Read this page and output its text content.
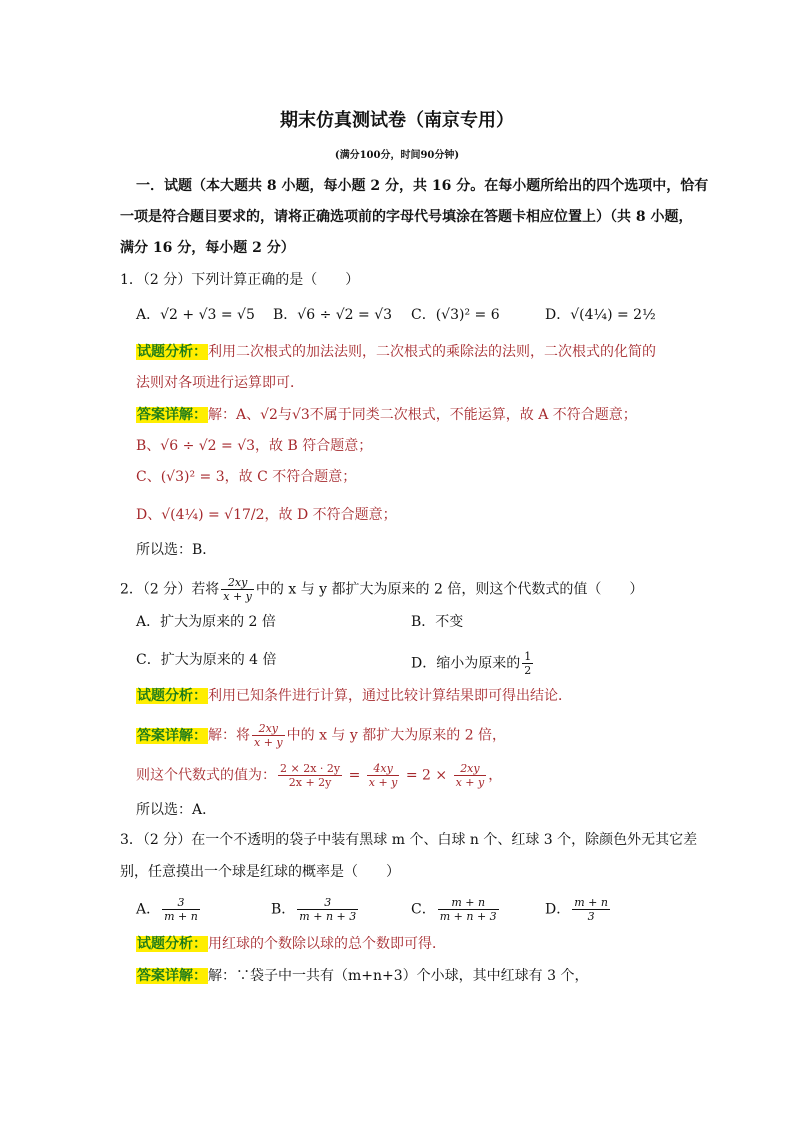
期末仿真测试卷（南京专用）
(满分100分，时间90分钟)
一．试题（本大题共 8 小题，每小题 2 分，共 16 分。在每小题所给出的四个选项中，恰有
一项是符合题目要求的，请将正确选项前的字母代号填涂在答题卡相应位置上）（共 8 小题，
满分 16 分，每小题 2 分）
1．（2 分）下列计算正确的是（　　）
A．√2 + √3 = √5 B．√6 ÷ √2 = √3 C．(√3)² = 6	D．√(4¼) = 2½
试题分析：利用二次根式的加法法则，二次根式的乘除法的法则，二次根式的化简的
法则对各项进行运算即可．
答案详解：解：A、√2与√3不属于同类二次根式，不能运算，故 A 不符合题意；
B、√6 ÷ √2 = √3，故 B 符合题意；
C、(√3)² = 3，故 C 不符合题意；
D、√(4¼) = √17/2，故 D 不符合题意；
所以选：B．
2．（2 分）若将 $\frac{2xy}{x + y}$ 中的 x 与 y 都扩大为原来的 2 倍，则这个代数式的值（　　）
A．扩大为原来的 2 倍	B．不变
C．扩大为原来的 4 倍	D．缩小为原来的 $\frac{1}{2}$
试题分析：利用已知条件进行计算，通过比较计算结果即可得出结论．
答案详解：解：将 $\frac{2xy}{x + y}$ 中的 x 与 y 都扩大为原来的 2 倍，
则这个代数式的值为： $\frac{2 \times 2x \cdot 2y}{2x + 2y} = \frac{4xy}{x + y} = 2 \times \frac{2xy}{x + y}$ ，
所以选：A．
3．（2 分）在一个不透明的袋子中装有黑球 m 个、白球 n 个、红球 3 个，除颜色外无其它差
别，任意摸出一个球是红球的概率是（　　）
A． $\frac{3}{m + n}$	B． $\frac{3}{m + n + 3}$	C． $\frac{m + n}{m + n + 3}$	D． $\frac{m + n}{3}$
试题分析：用红球的个数除以球的总个数即可得．
答案详解：解：∵袋子中一共有（m+n+3）个小球，其中红球有 3 个，
